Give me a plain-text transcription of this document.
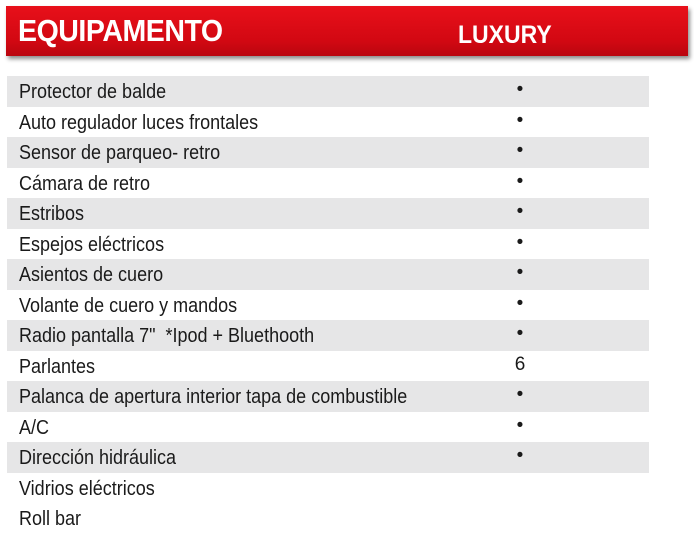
EQUIPAMENTO	LUXURY
Protector de balde	•
Auto regulador luces frontales	•
Sensor de parqueo- retro	•
Cámara de retro	•
Estribos	•
Espejos eléctricos	•
Asientos de cuero	•
Volante de cuero y mandos	•
Radio pantalla 7"  *Ipod + Bluethooth	•
Parlantes	6
Palanca de apertura interior tapa de combustible	•
A/C	•
Dirección hidráulica	•
Vidrios eléctricos
Roll bar
